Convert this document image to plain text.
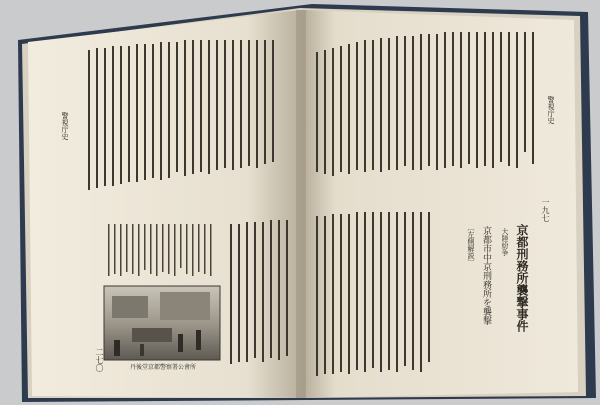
警視庁史
二七〇	丹後堂京都警察署公會所
警視庁史
一九七
京都刑務所襲撃事件
京都市中京刑務所を襲撃 大陸紛争
〔左側解説〕
